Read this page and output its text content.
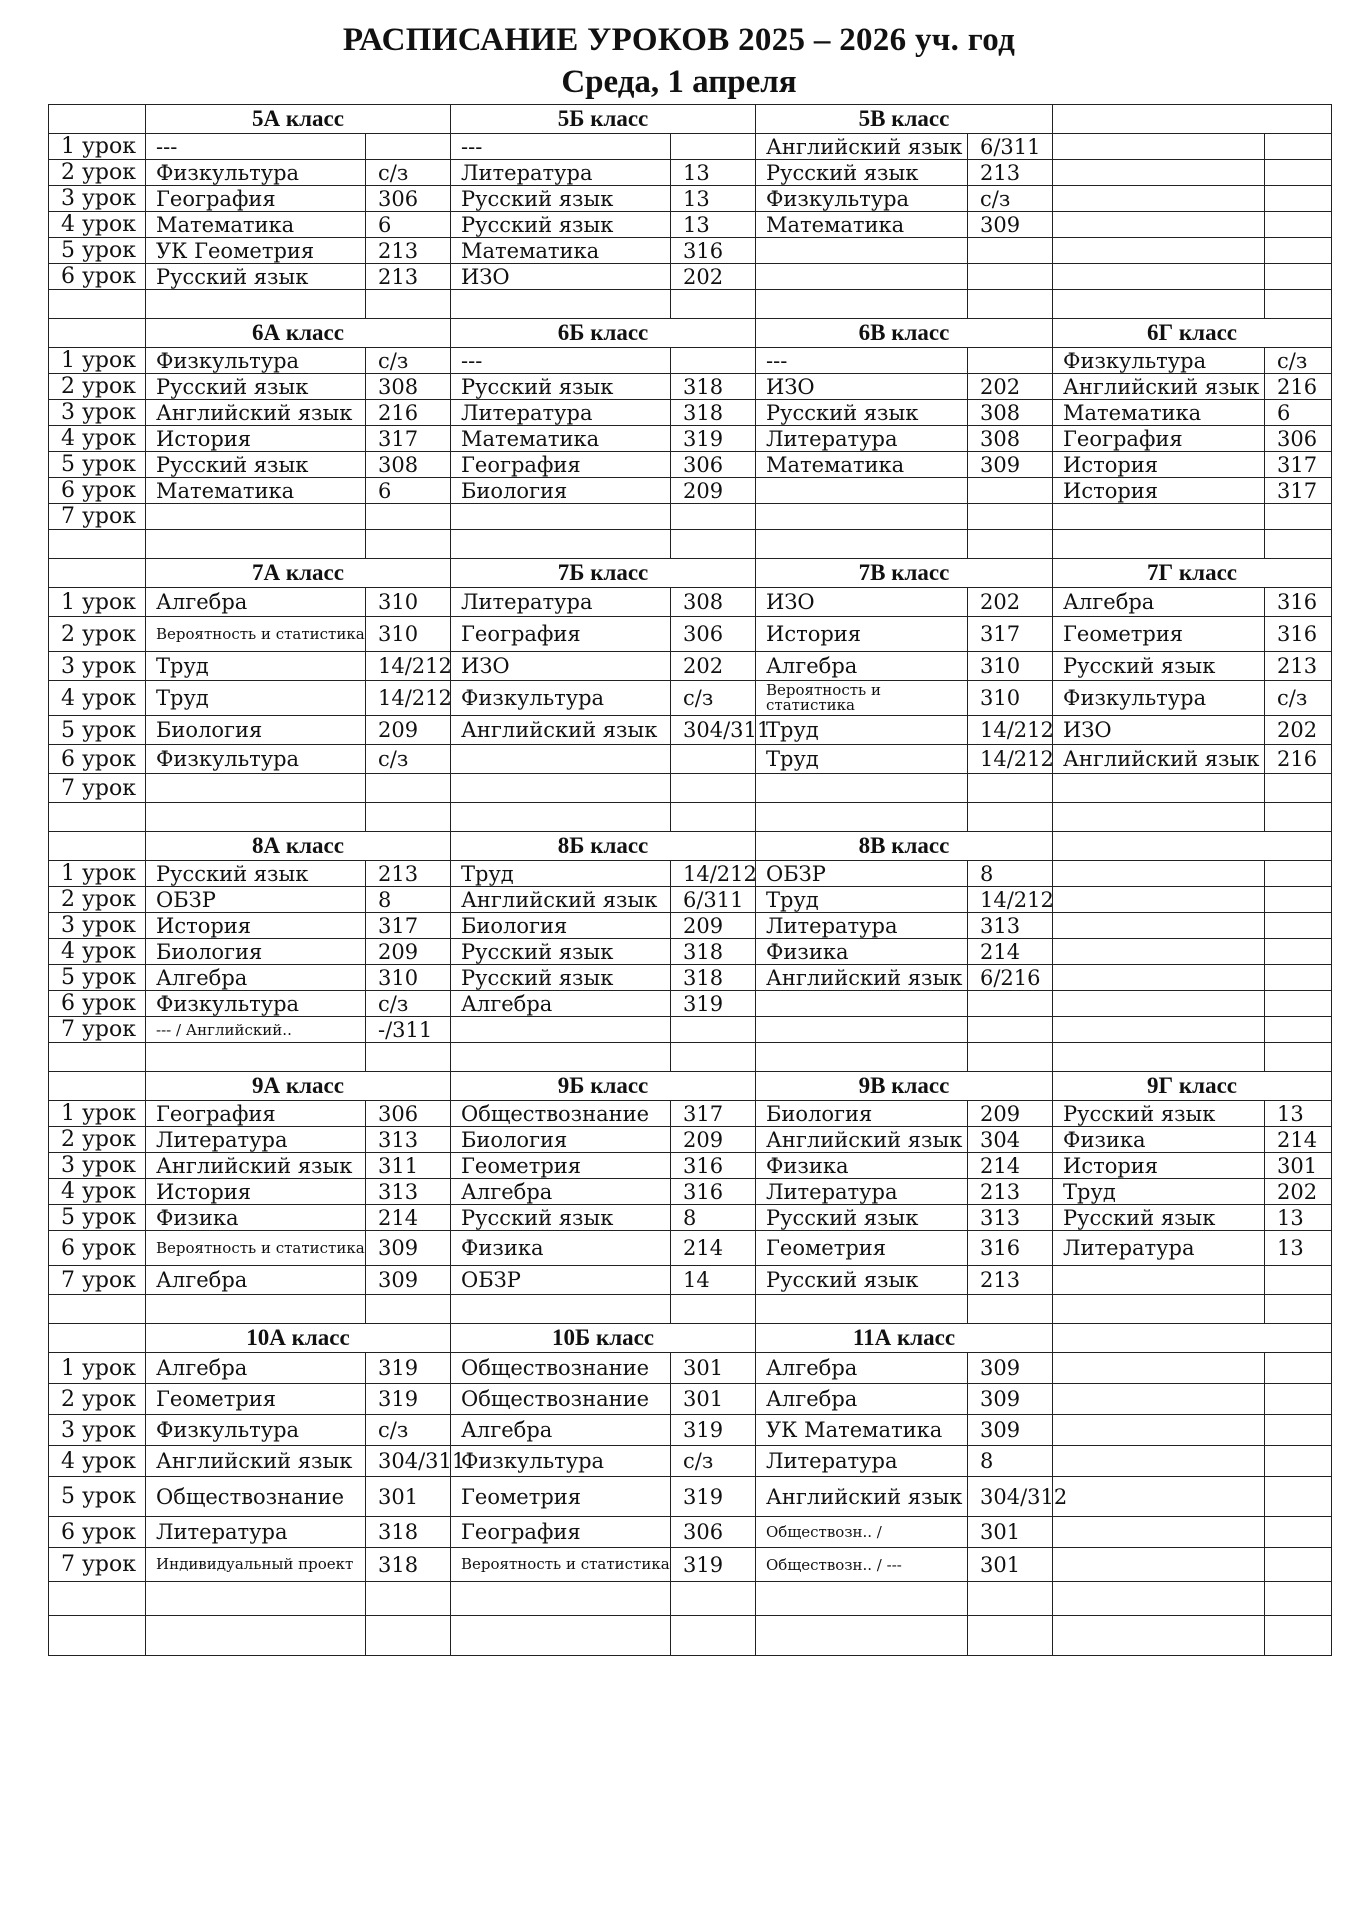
РАСПИСАНИЕ УРОКОВ 2025 – 2026 уч. год
Среда, 1 апреля
	5А класс		5Б класс		5В класс			
1 урок	---		---		Английский язык	6/311		
2 урок	Физкультура	с/з	Литература	13	Русский язык	213		
3 урок	География	306	Русский язык	13	Физкультура	с/з		
4 урок	Математика	6	Русский язык	13	Математика	309		
5 урок	УК Геометрия	213	Математика	316				
6 урок	Русский язык	213	ИЗО	202				

	6А класс		6Б класс		6В класс		6Г класс	
1 урок	Физкультура	с/з	---		---		Физкультура	с/з
2 урок	Русский язык	308	Русский язык	318	ИЗО	202	Английский язык	216
3 урок	Английский язык	216	Литература	318	Русский язык	308	Математика	6
4 урок	История	317	Математика	319	Литература	308	География	306
5 урок	Русский язык	308	География	306	Математика	309	История	317
6 урок	Математика	6	Биология	209			История	317
7 урок								

	7А класс		7Б класс		7В класс		7Г класс	
1 урок	Алгебра	310	Литература	308	ИЗО	202	Алгебра	316
2 урок	Вероятность и статистика	310	География	306	История	317	Геометрия	316
3 урок	Труд	14/212	ИЗО	202	Алгебра	310	Русский язык	213
4 урок	Труд	14/212	Физкультура	с/з	Вероятность и статистика	310	Физкультура	с/з
5 урок	Биология	209	Английский язык	304/311	Труд	14/212	ИЗО	202
6 урок	Физкультура	с/з			Труд	14/212	Английский язык	216
7 урок								

	8А класс		8Б класс		8В класс			
1 урок	Русский язык	213	Труд	14/212	ОБЗР	8		
2 урок	ОБЗР	8	Английский язык	6/311	Труд	14/212		
3 урок	История	317	Биология	209	Литература	313		
4 урок	Биология	209	Русский язык	318	Физика	214		
5 урок	Алгебра	310	Русский язык	318	Английский язык	6/216		
6 урок	Физкультура	с/з	Алгебра	319				
7 урок	--- / Английский..	-/311						

	9А класс		9Б класс		9В класс		9Г класс	
1 урок	География	306	Обществознание	317	Биология	209	Русский язык	13
2 урок	Литература	313	Биология	209	Английский язык	304	Физика	214
3 урок	Английский язык	311	Геометрия	316	Физика	214	История	301
4 урок	История	313	Алгебра	316	Литература	213	Труд	202
5 урок	Физика	214	Русский язык	8	Русский язык	313	Русский язык	13
6 урок	Вероятность и статистика	309	Физика	214	Геометрия	316	Литература	13
7 урок	Алгебра	309	ОБЗР	14	Русский язык	213		

	10А класс		10Б класс		11А класс			
1 урок	Алгебра	319	Обществознание	301	Алгебра	309		
2 урок	Геометрия	319	Обществознание	301	Алгебра	309		
3 урок	Физкультура	с/з	Алгебра	319	УК Математика	309		
4 урок	Английский язык	304/311	Физкультура	с/з	Литература	8		
5 урок	Обществознание	301	Геометрия	319	Английский язык	304/312		
6 урок	Литература	318	География	306	Обществозн.. /	301		
7 урок	Индивидуальный проект	318	Вероятность и статистика	319	Обществозн.. / ---	301		
